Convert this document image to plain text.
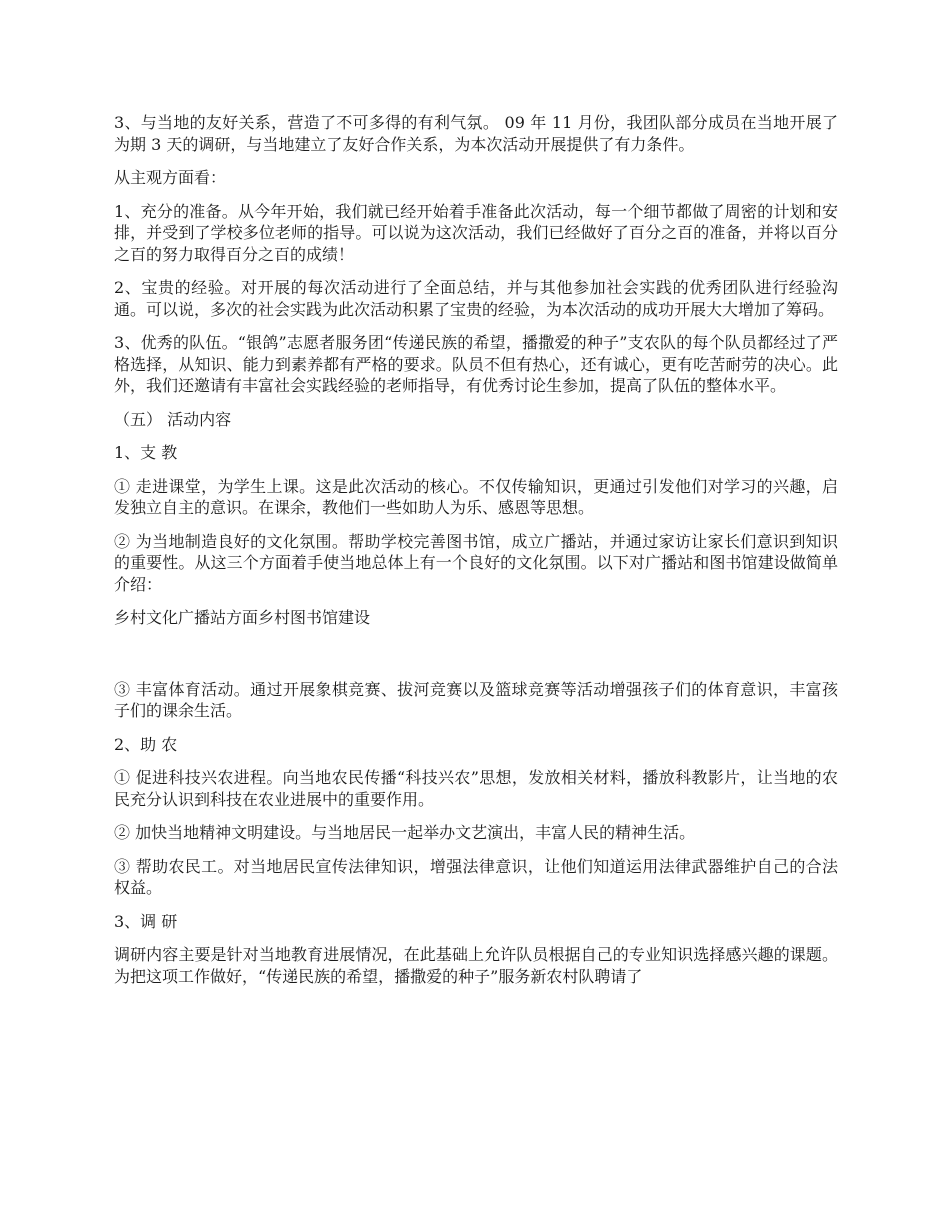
3、与当地的友好关系，营造了不可多得的有利气氛。 09 年 11 月份，我团队部分成员在当地开展了为期 3 天的调研，与当地建立了友好合作关系，为本次活动开展提供了有力条件。

从主观方面看：

1、充分的准备。从今年开始，我们就已经开始着手准备此次活动，每一个细节都做了周密的计划和安排，并受到了学校多位老师的指导。可以说为这次活动，我们已经做好了百分之百的准备，并将以百分之百的努力取得百分之百的成绩！

2、宝贵的经验。对开展的每次活动进行了全面总结，并与其他参加社会实践的优秀团队进行经验沟通。可以说，多次的社会实践为此次活动积累了宝贵的经验，为本次活动的成功开展大大增加了筹码。

3、优秀的队伍。“银鸽”志愿者服务团“传递民族的希望，播撒爱的种子”支农队的每个队员都经过了严格选择，从知识、能力到素养都有严格的要求。队员不但有热心，还有诚心，更有吃苦耐劳的决心。此外，我们还邀请有丰富社会实践经验的老师指导，有优秀讨论生参加，提高了队伍的整体水平。

（五） 活动内容

1、支 教

① 走进课堂，为学生上课。这是此次活动的核心。不仅传输知识，更通过引发他们对学习的兴趣，启发独立自主的意识。在课余，教他们一些如助人为乐、感恩等思想。

② 为当地制造良好的文化氛围。帮助学校完善图书馆，成立广播站，并通过家访让家长们意识到知识的重要性。从这三个方面着手使当地总体上有一个良好的文化氛围。以下对广播站和图书馆建设做简单介绍：

乡村文化广播站方面乡村图书馆建设

③ 丰富体育活动。通过开展象棋竞赛、拔河竞赛以及篮球竞赛等活动增强孩子们的体育意识，丰富孩子们的课余生活。

2、助 农

① 促进科技兴农进程。向当地农民传播“科技兴农”思想，发放相关材料，播放科教影片，让当地的农民充分认识到科技在农业进展中的重要作用。

② 加快当地精神文明建设。与当地居民一起举办文艺演出，丰富人民的精神生活。

③ 帮助农民工。对当地居民宣传法律知识，增强法律意识，让他们知道运用法律武器维护自己的合法权益。

3、调 研

调研内容主要是针对当地教育进展情况，在此基础上允许队员根据自己的专业知识选择感兴趣的课题。为把这项工作做好，“传递民族的希望，播撒爱的种子”服务新农村队聘请了
